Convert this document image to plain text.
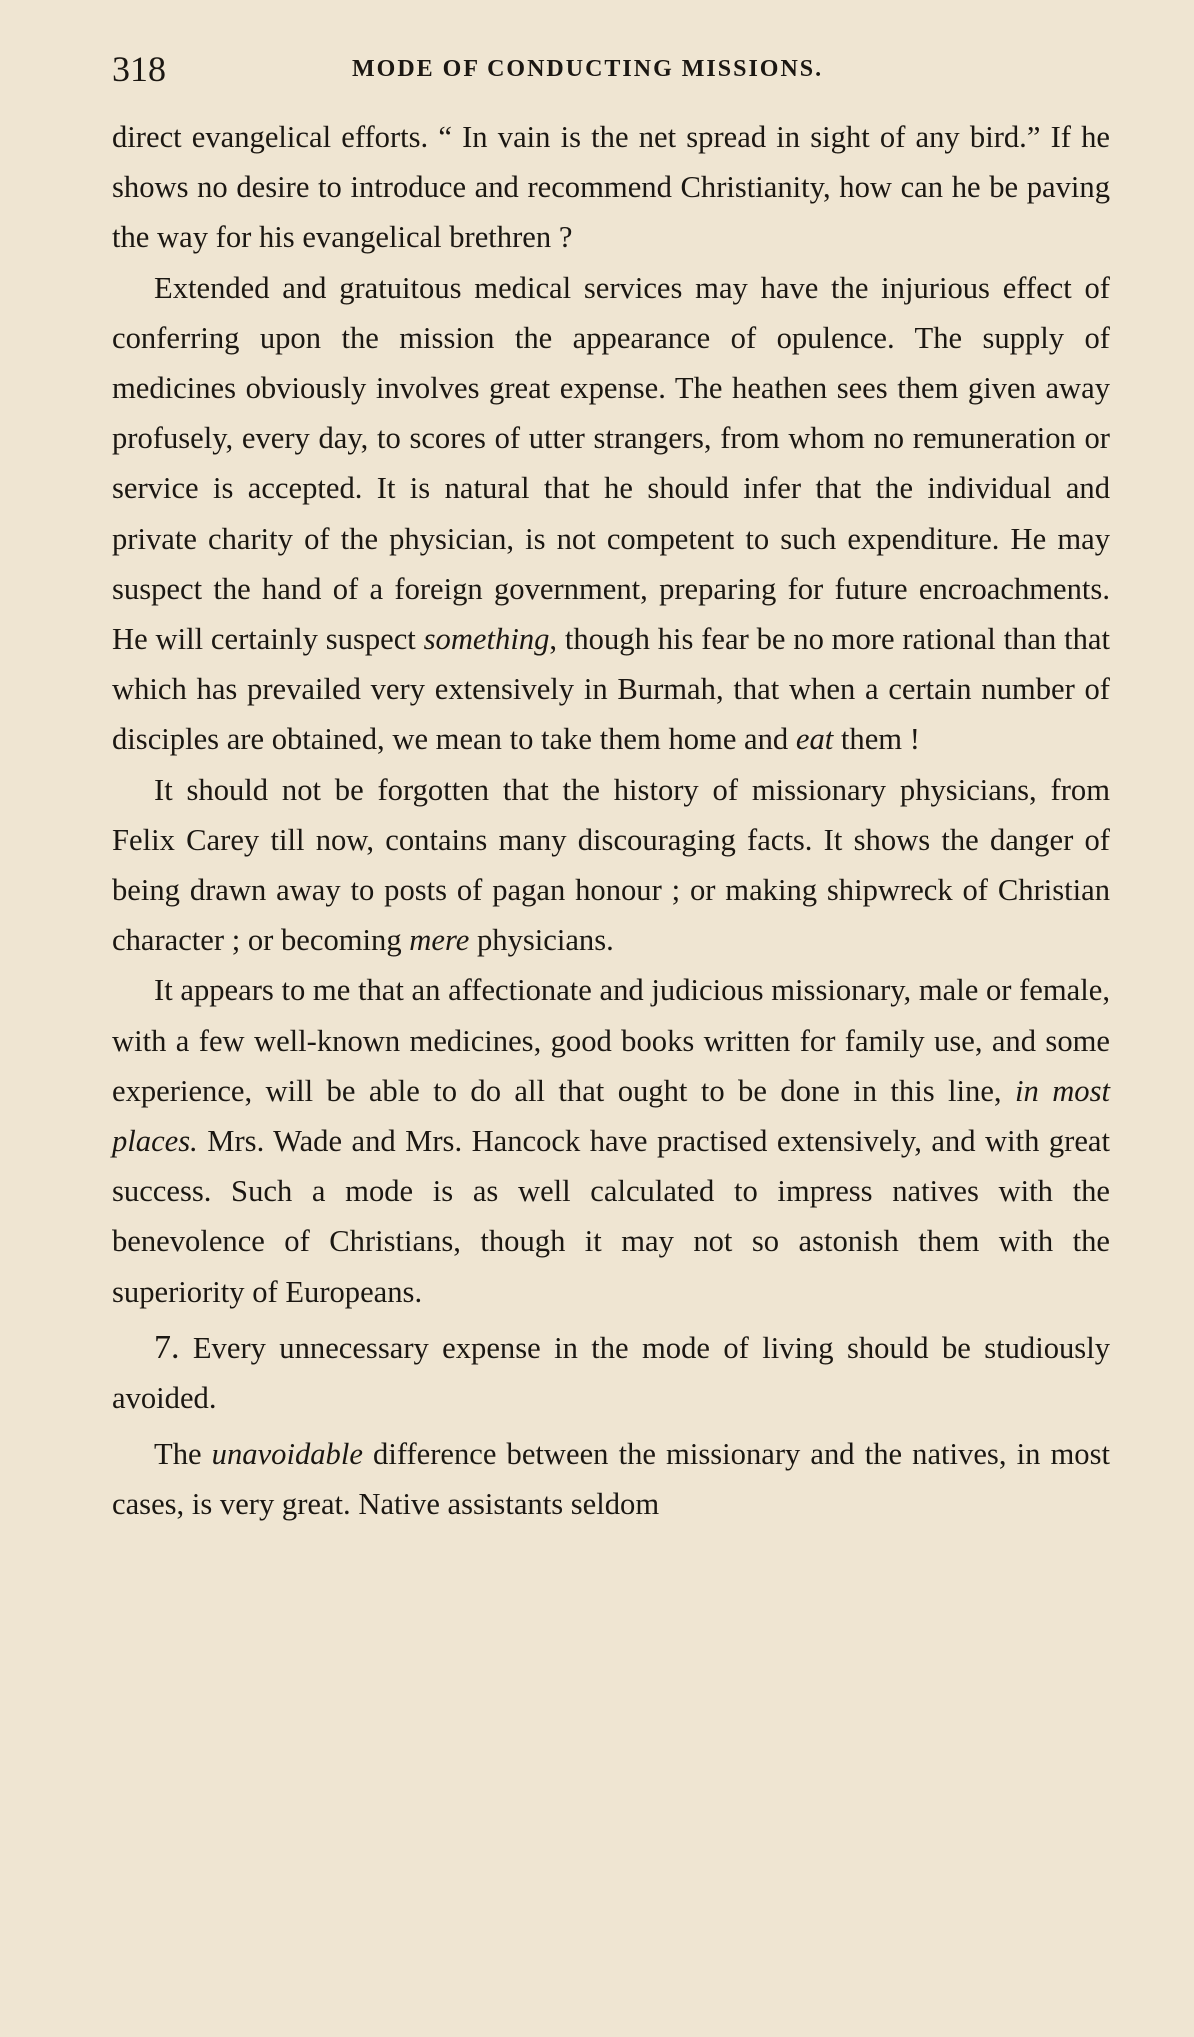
318	MODE OF CONDUCTING MISSIONS.

direct evangelical efforts. “ In vain is the net spread in sight of any bird.” If he shows no desire to introduce and recommend Christianity, how can he be paving the way for his evangelical brethren ?

Extended and gratuitous medical services may have the injurious effect of conferring upon the mission the appearance of opulence. The supply of medicines obviously involves great expense. The heathen sees them given away profusely, every day, to scores of utter strangers, from whom no remuneration or service is accepted. It is natural that he should infer that the individual and private charity of the physician, is not competent to such expenditure. He may suspect the hand of a foreign government, preparing for future encroachments. He will certainly suspect something, though his fear be no more rational than that which has prevailed very extensively in Burmah, that when a certain number of disciples are obtained, we mean to take them home and eat them !

It should not be forgotten that the history of missionary physicians, from Felix Carey till now, contains many discouraging facts. It shows the danger of being drawn away to posts of pagan honour ; or making shipwreck of Christian character ; or becoming mere physicians.

It appears to me that an affectionate and judicious missionary, male or female, with a few well-known medicines, good books written for family use, and some experience, will be able to do all that ought to be done in this line, in most places. Mrs. Wade and Mrs. Hancock have practised extensively, and with great success. Such a mode is as well calculated to impress natives with the benevolence of Christians, though it may not so astonish them with the superiority of Europeans.

7. Every unnecessary expense in the mode of living should be studiously avoided.

The unavoidable difference between the missionary and the natives, in most cases, is very great. Native assistants seldom
